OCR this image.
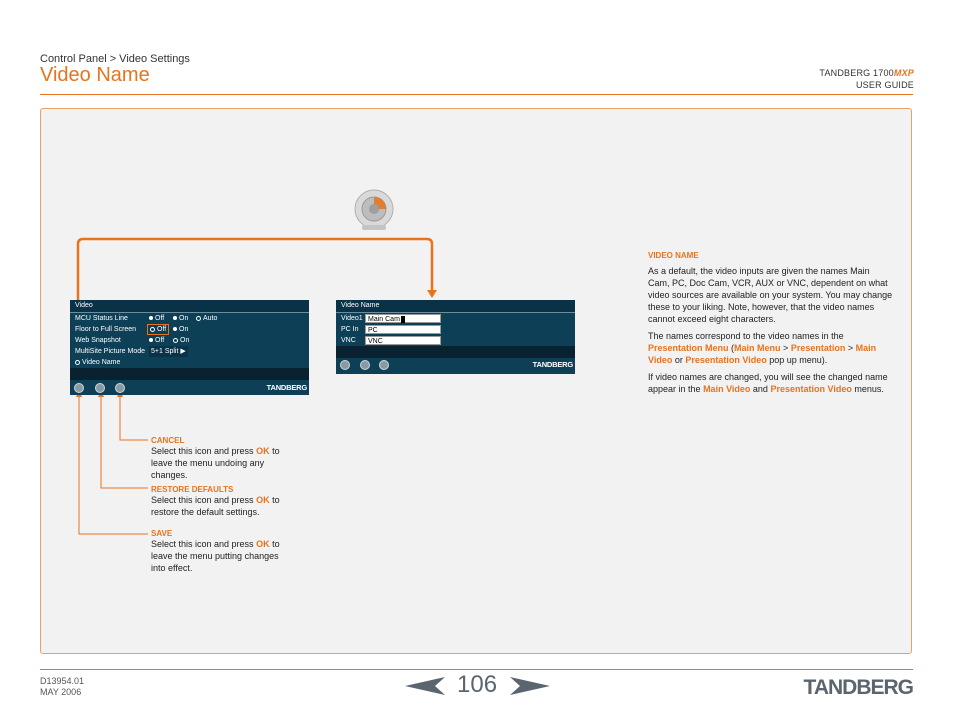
Control Panel > Video Settings
Video Name	TANDBERG 1700MXP
USER GUIDE
Video
MCU Status Line	Off	On	Auto
Floor to Full Screen	Off	On
Web Snapshot	Off	On
MultiSite Picture Mode 5+1 Split ▶
Video Name
TANDBERG
Video Name
Video1 Main Cam
PC In	PC
VNC	VNC
TANDBERG
CANCEL
Select this icon and press OK to leave the menu undoing any changes.
RESTORE DEFAULTS
Select this icon and press OK to restore the default settings.
SAVE
Select this icon and press OK to leave the menu putting changes into effect.
VIDEO NAME

As a default, the video inputs are given the names Main Cam, PC, Doc Cam, VCR, AUX or VNC, dependent on what video sources are available on your system. You may change these to your liking. Note, however, that the video names cannot exceed eight characters.

The names correspond to the video names in the Presentation Menu (Main Menu > Presentation > Main Video or Presentation Video pop up menu).

If video names are changed, you will see the changed name appear in the Main Video and Presentation Video menus.

D13954.01
MAY 2006	106	TANDBERG
